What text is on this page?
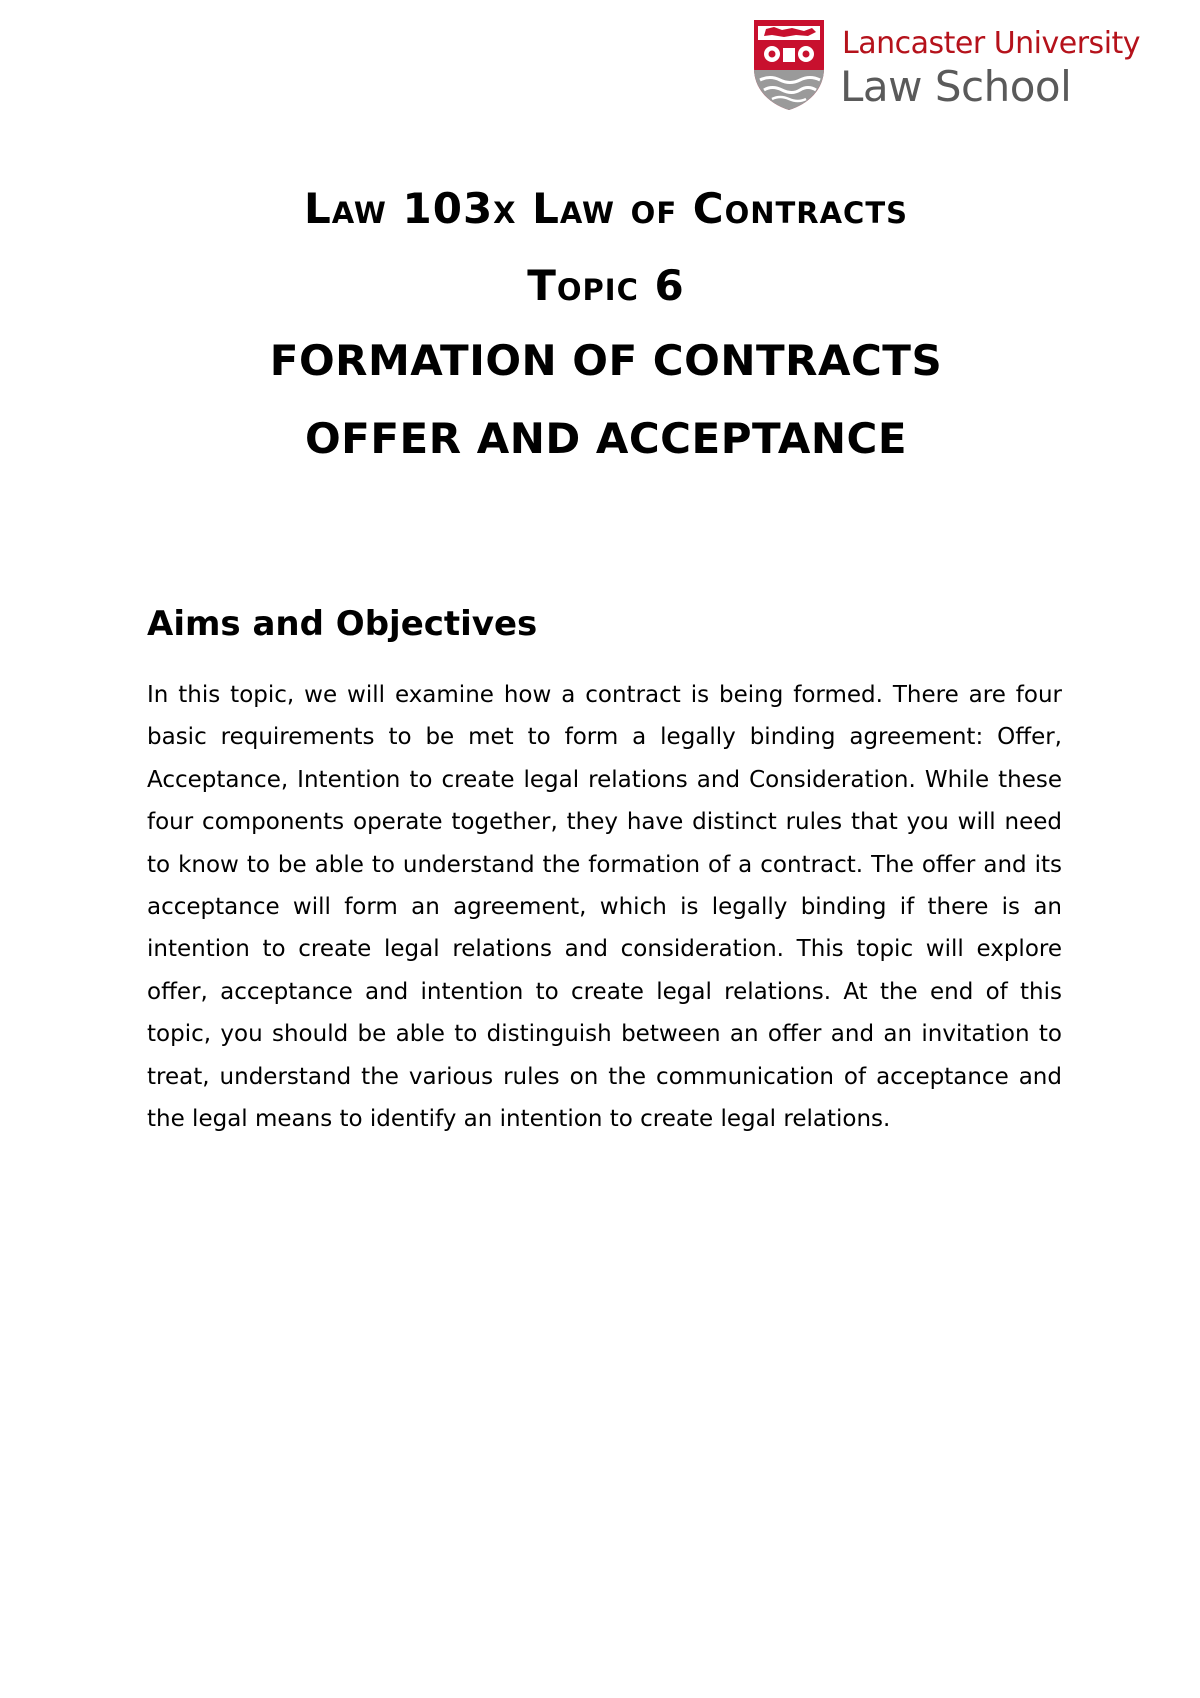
Lancaster University
Law School
Law 103x Law of Contracts
Topic 6
FORMATION OF CONTRACTS
OFFER AND ACCEPTANCE
Aims and Objectives

In this topic, we will examine how a contract is being formed. There are four basic requirements to be met to form a legally binding agreement: Offer, Acceptance, Intention to create legal relations and Consideration. While these four components operate together, they have distinct rules that you will need to know to be able to understand the formation of a contract. The offer and its acceptance will form an agreement, which is legally binding if there is an intention to create legal relations and consideration. This topic will explore offer, acceptance and intention to create legal relations. At the end of this topic, you should be able to distinguish between an offer and an invitation to treat, understand the various rules on the communication of acceptance and the legal means to identify an intention to create legal relations.
